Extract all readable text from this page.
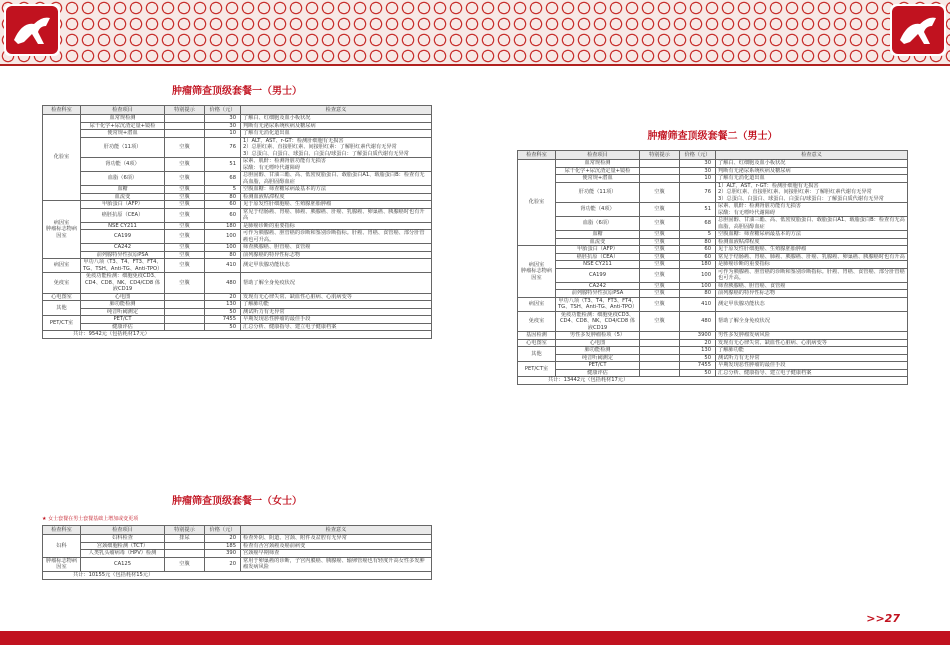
肿瘤筛查顶级套餐一（男士）
检查科室	检查项目	特别提示	价格（元）	检查意义
化验室	血常规检测		30	了解白、红细胞及血小板状况
	尿干化学+尿沉渣定量+镜检		30	判断有无泌尿系统疾病及糖尿病
	便常规+潜血		10	了解有无消化道出血
	肝功能（11项）	空腹	76	1）ALT、AST、r-GT：检测肝细胞有无损害
2）总胆红素、直接胆红素、间接胆红素：了解胆红素代谢有无异常
3）总蛋白、白蛋白、球蛋白、白蛋白/球蛋白：了解蛋白质代谢有无异常
	肾功能（4项）	空腹	51	尿素、肌酐：检测肾脏功能有无损害
尿酸：有无嘌呤代谢障碍
	血脂（6项）	空腹	68	总胆固醇、甘油三酯、高、低密度脂蛋白、载脂蛋白A1、载脂蛋白B：检查有无高血脂，高胆固醇血症
	血糖	空腹	5	空腹血糖：筛查糖尿病最基本的方法
	血流变	空腹	80	检测血液粘滞程度
病因室
肿瘤标志物病因室	甲胎蛋白（AFP）	空腹	60	见于原发性肝细胞癌、生殖腺胚胎肿瘤
	癌胚抗原（CEA）	空腹	60	常见于结肠癌、胃癌、肺癌、胰腺癌、肝癌、乳腺癌、卵巢癌、胰腺癌时也有升高
	NSE CY211	空腹	180	是肺癌诊断的重要指标
	CA199	空腹	100	可作为胰腺癌、胆管癌的诊断和鉴别诊断指标。肝癌、胃癌、食管癌、部分肝管癌也可升高。
	CA242	空腹	100	筛查胰腺癌、胆管癌、食管癌
	前列腺特异性抗原PSA	空腹	80	前列腺癌的特异性标志物
病因室	甲功八项（T3、T4、FT3、FT4、TG、TSH、Anti-TG、Anti-TPO）	空腹	410	测定甲状腺功能状态
免疫室	免疫功能检测：细胞免疫CD3、CD4、CD8、NK、CD4/CD8 体液CD19	空腹	480	帮助了解全身免疫状况
心电图室	心电图		20	发现有无心律失常、缺血性心脏病、心肌病变等
其他	肺功能检测		130	了解肺功能
	纯音听阈测定		50	测试听力有无异常
PET/CT室	PET/CT		7455	早期发现恶性肿瘤的最佳手段
	健康评估		50	汇总分析、健康指导、建立电子健康档案
共计：9542元（包括耗材17元）				
肿瘤筛查顶级套餐一（女士）
★ 女士套餐在男士套餐基础上增加或变更项
检查科室	检查项目	特别提示	价格（元）	检查意义
妇科	妇科检查	排尿	20	检查外阴、阴道、宫颈、附件及盆腔有无异常
	宫颈细胞检测（TCT）		185	检查有否宫颈癌及癌前病变
	人类乳头瘤病毒（HPV）检测		390	宫颈癌早期筛查
肿瘤标志物病因室	CA125	空腹	20	常用于卵巢癌的诊断，子宫内膜癌、胰腺癌、输卵管癌也有轻度升高女性多发肿瘤发病风险
共计：10155元（包括耗材15元）				
肿瘤筛查顶级套餐二（男士）
检查科室	检查项目	特别提示	价格（元）	检查意义
化验室	血常规检测		30	了解白、红细胞及血小板状况
	尿干化学+尿沉渣定量+镜检		30	判断有无泌尿系统疾病及糖尿病
	便常规+潜血		10	了解有无消化道出血
	肝功能（11项）	空腹	76	1）ALT、AST、r-GT：检测肝细胞有无损害
2）总胆红素、直接胆红素、间接胆红素：了解胆红素代谢有无异常
3）总蛋白、白蛋白、球蛋白、白蛋白/球蛋白：了解蛋白质代谢有无异常
	肾功能（4项）	空腹	51	尿素、肌酐：检测肾脏功能有无损害
尿酸：有无嘌呤代谢障碍
	血脂（6项）	空腹	68	总胆固醇、甘油三酯、高、低密度脂蛋白、载脂蛋白A1、载脂蛋白B：检查有无高血脂，高胆固醇血症
	血糖	空腹	5	空腹血糖：筛查糖尿病最基本的方法
	血流变	空腹	80	检测血液粘滞程度
病因室
肿瘤标志物病因室	甲胎蛋白（AFP）	空腹	60	见于原发性肝细胞癌、生殖腺胚胎肿瘤
	癌胚抗原（CEA）	空腹	60	常见于结肠癌、胃癌、肺癌、胰腺癌、肝癌、乳腺癌、卵巢癌、胰腺癌时也有升高
	NSE CY211	空腹	180	是肺癌诊断的重要指标
	CA199	空腹	100	可作为胰腺癌、胆管癌的诊断和鉴别诊断指标。肝癌、胃癌、食管癌、部分肝管癌也可升高。
	CA242	空腹	100	筛查胰腺癌、胆管癌、食管癌
	前列腺特异性抗原PSA	空腹	80	前列腺癌的特异性标志物
病因室	甲功八项（T3、T4、FT3、FT4、TG、TSH、Anti-TG、Anti-TPO）	空腹	410	测定甲状腺功能状态
免疫室	免疫功能检测：细胞免疫CD3、CD4、CD8、NK、CD4/CD8 体液CD19	空腹	480	帮助了解全身免疫状况
基因检测	男性多发肿瘤检项（5）		3900	男性多发肿瘤发病风险
心电图室	心电图		20	发现有无心律失常、缺血性心脏病、心肌病变等
其他	肺功能检测		130	了解肺功能
	纯音听阈测定		50	测试听力有无异常
PET/CT室	PET/CT		7455	早期发现恶性肿瘤的最佳手段
	健康评估		50	汇总分析、健康指导、建立电子健康档案
共计：13442元（包括耗材17元）				
>>27
